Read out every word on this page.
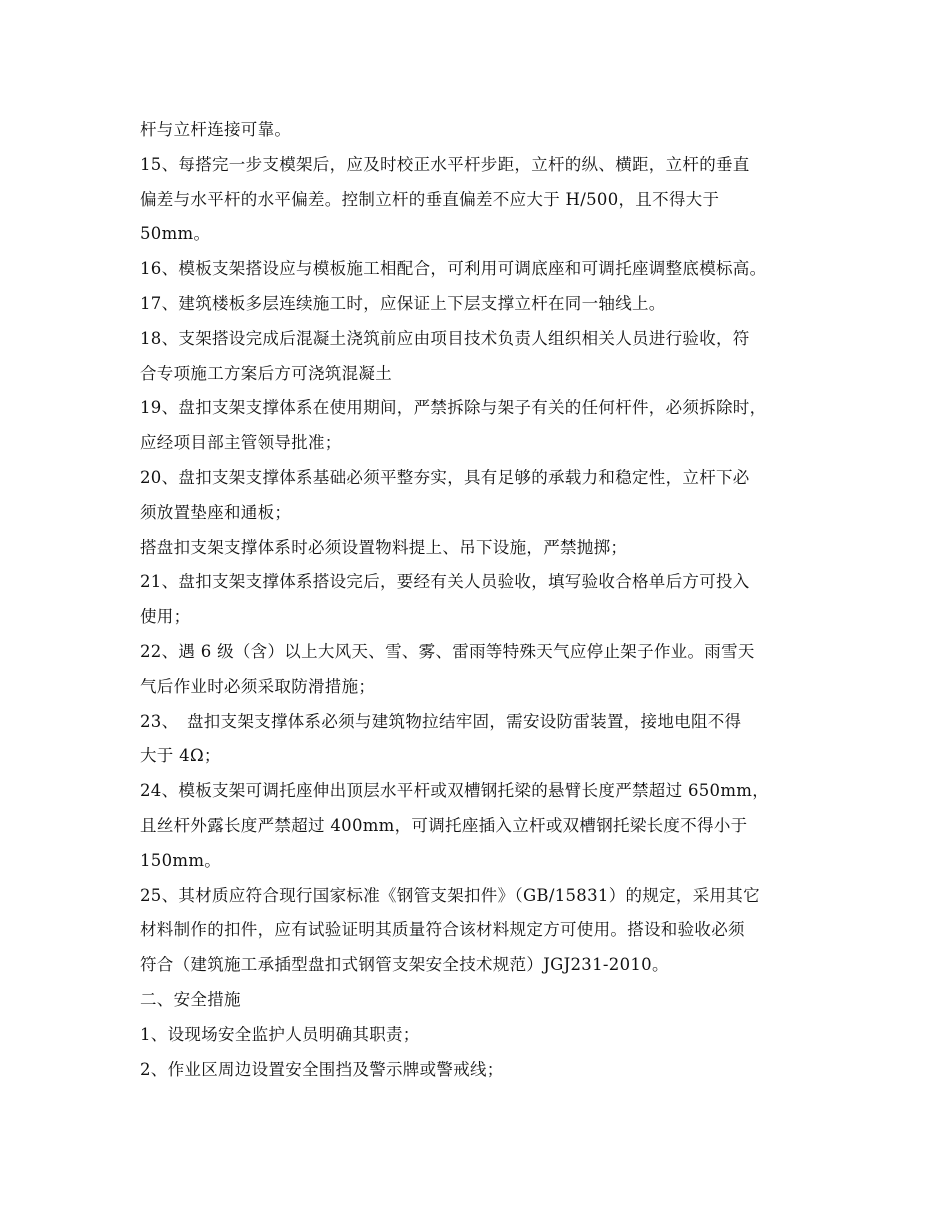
杆与立杆连接可靠。
15、每搭完一步支模架后，应及时校正水平杆步距，立杆的纵、横距，立杆的垂直
偏差与水平杆的水平偏差。控制立杆的垂直偏差不应大于 H/500，且不得大于
50mm。
16、模板支架搭设应与模板施工相配合，可利用可调底座和可调托座调整底模标高。
17、建筑楼板多层连续施工时，应保证上下层支撑立杆在同一轴线上。
18、支架搭设完成后混凝土浇筑前应由项目技术负责人组织相关人员进行验收，符
合专项施工方案后方可浇筑混凝土
19、盘扣支架支撑体系在使用期间，严禁拆除与架子有关的任何杆件，必须拆除时，
应经项目部主管领导批准；
20、盘扣支架支撑体系基础必须平整夯实，具有足够的承载力和稳定性，立杆下必
须放置垫座和通板；
搭盘扣支架支撑体系时必须设置物料提上、吊下设施，严禁抛掷；
21、盘扣支架支撑体系搭设完后，要经有关人员验收，填写验收合格单后方可投入
使用；
22、遇 6 级（含）以上大风天、雪、雾、雷雨等特殊天气应停止架子作业。雨雪天
气后作业时必须采取防滑措施；
23、　盘扣支架支撑体系必须与建筑物拉结牢固，需安设防雷装置，接地电阻不得
大于 4Ω；
24、模板支架可调托座伸出顶层水平杆或双槽钢托梁的悬臂长度严禁超过 650mm，
且丝杆外露长度严禁超过 400mm，可调托座插入立杆或双槽钢托梁长度不得小于
150mm。
25、其材质应符合现行国家标准《钢管支架扣件》（GB/15831）的规定，采用其它
材料制作的扣件，应有试验证明其质量符合该材料规定方可使用。搭设和验收必须
符合（建筑施工承插型盘扣式钢管支架安全技术规范）JGJ231-2010。
二、安全措施
1、设现场安全监护人员明确其职责；
2、作业区周边设置安全围挡及警示牌或警戒线；
